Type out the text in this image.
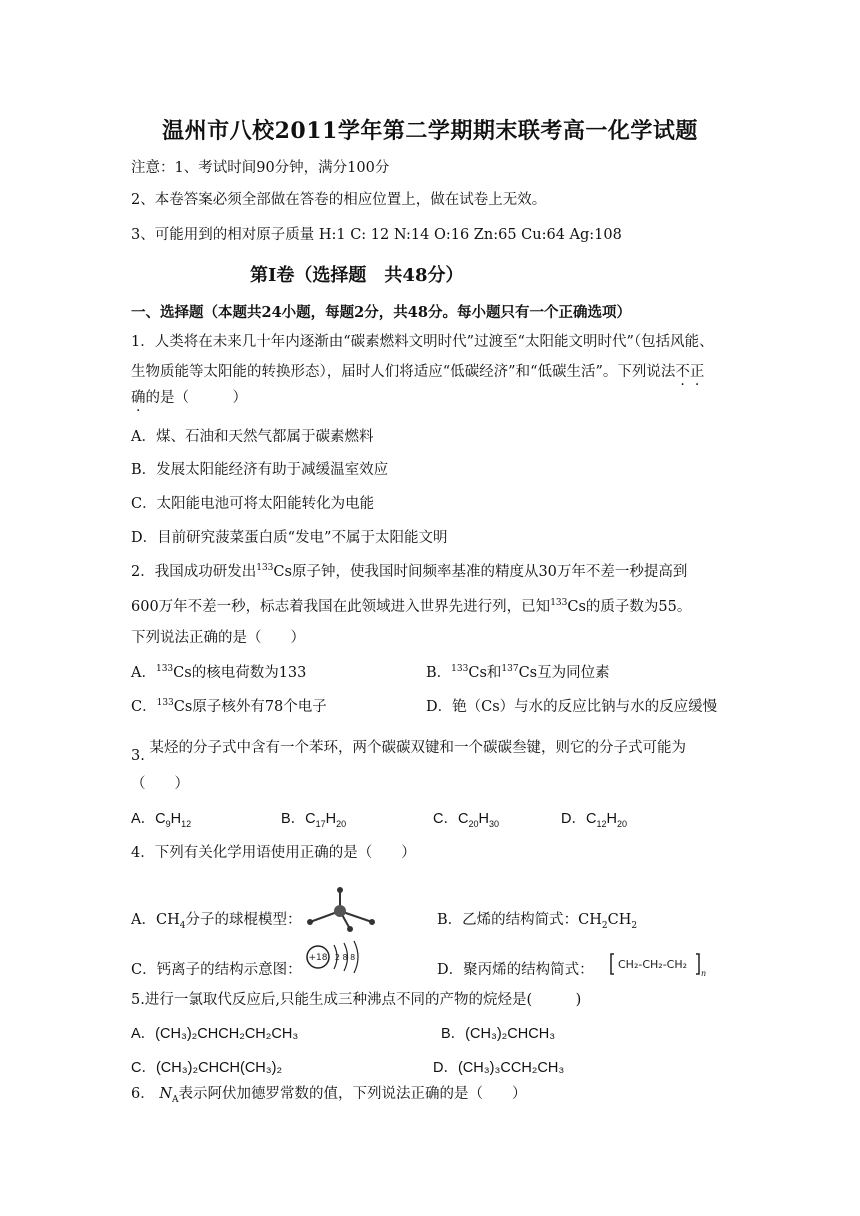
温州市八校2011学年第二学期期末联考高一化学试题
注意：1、考试时间90分钟，满分100分
2、本卷答案必须全部做在答卷的相应位置上，做在试卷上无效。
3、可能用到的相对原子质量 H:1 C: 12 N:14 O:16 Zn:65 Cu:64 Ag:108
第Ⅰ卷（选择题　共48分）
一、选择题（本题共24小题，每题2分，共48分。每小题只有一个正确选项）
1．人类将在未来几十年内逐渐由“碳素燃料文明时代”过渡至“太阳能文明时代”（包括风能、
生物质能等太阳能的转换形态），届时人们将适应“低碳经济”和“低碳生活”。下列说法不正
确的是（　　　）
A．煤、石油和天然气都属于碳素燃料
B．发展太阳能经济有助于减缓温室效应
C．太阳能电池可将太阳能转化为电能
D．目前研究菠菜蛋白质“发电”不属于太阳能文明
2．我国成功研发出$^{133}$Cs原子钟，使我国时间频率基准的精度从30万年不差一秒提高到
600万年不差一秒，标志着我国在此领域进入世界先进行列，已知$^{133}$Cs的质子数为55。
下列说法正确的是（　　）
A．$^{133}$Cs的核电荷数为133	B．$^{133}$Cs和$^{137}$Cs互为同位素
C．$^{133}$Cs原子核外有78个电子	D．铯（Cs）与水的反应比钠与水的反应缓慢
3. 某烃的分子式中含有一个苯环，两个碳碳双键和一个碳碳叁键，则它的分子式可能为
（　　）
A．$C_9H_{12}$	B．$C_{17}H_{20}$	C．$C_{20}H_{30}$	D．$C_{12}H_{20}$
4．下列有关化学用语使用正确的是（　　）
A．$CH_4$分子的球棍模型：	B．乙烯的结构简式：$CH_2CH_2$
C．钙离子的结构示意图：	D．聚丙烯的结构简式：
+18 2 8 8
CH₂-CH₂-CH₂
n
5.进行一氯取代反应后,只能生成三种沸点不同的产物的烷烃是(　　　)
A．(CH₃)₂CHCH₂CH₂CH₃	B．(CH₃)₂CHCH₃
C．(CH₃)₂CHCH(CH₃)₂	D．(CH₃)₃CCH₂CH₃
6． $N_A$表示阿伏加德罗常数的值，下列说法正确的是（　　）
